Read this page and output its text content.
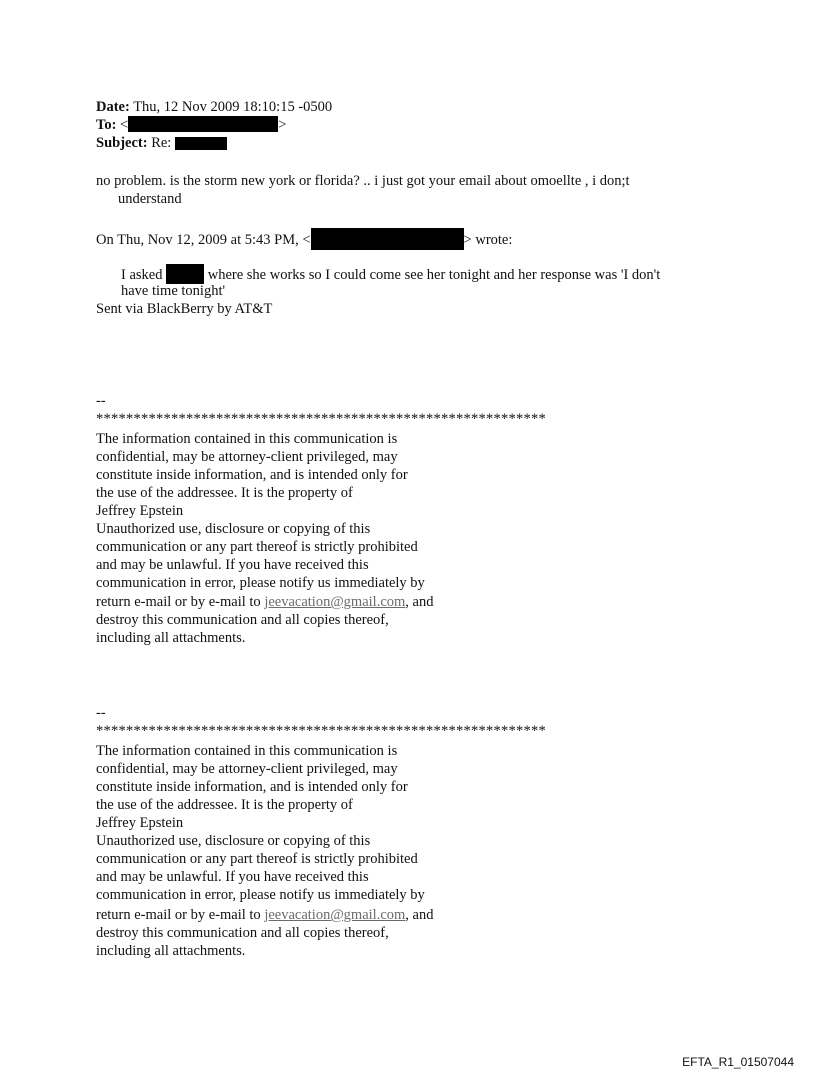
Date: Thu, 12 Nov 2009 18:10:15 -0500
To: <	>
Subject: Re:
no problem. is the storm new york or florida? .. i just got your email about omoellte , i don;t
understand
On Thu, Nov 12, 2009 at 5:43 PM, <	> wrote:
I asked	where she works so I could come see her tonight and her response was 'I don't
have time tonight'
Sent via BlackBerry by AT&T
--
************************************************************
The information contained in this communication is
confidential, may be attorney-client privileged, may
constitute inside information, and is intended only for
the use of the addressee. It is the property of
Jeffrey Epstein
Unauthorized use, disclosure or copying of this
communication or any part thereof is strictly prohibited
and may be unlawful. If you have received this
communication in error, please notify us immediately by
return e-mail or by e-mail to jeevacation@gmail.com, and
destroy this communication and all copies thereof,
including all attachments.
--
************************************************************
The information contained in this communication is
confidential, may be attorney-client privileged, may
constitute inside information, and is intended only for
the use of the addressee. It is the property of
Jeffrey Epstein
Unauthorized use, disclosure or copying of this
communication or any part thereof is strictly prohibited
and may be unlawful. If you have received this
communication in error, please notify us immediately by
return e-mail or by e-mail to jeevacation@gmail.com, and
destroy this communication and all copies thereof,
including all attachments.
EFTA_R1_01507044
